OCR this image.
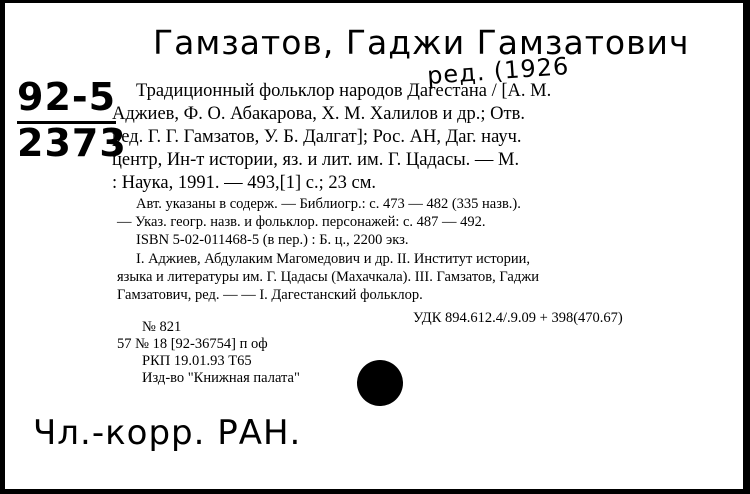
Гамзатов, Гаджи Гамзатович
ред. (1926
92-5
2373
Традиционный фольклор народов Дагестана / [А. М.
Аджиев, Ф. О. Абакарова, Х. М. Халилов и др.; Отв.
ред. Г. Г. Гамзатов, У. Б. Далгат]; Рос. АН, Даг. науч.
центр, Ин-т истории, яз. и лит. им. Г. Цадасы. — М.
: Наука, 1991. — 493,[1] с.; 23 см.
Авт. указаны в содерж. — Библиогр.: с. 473 — 482 (335 назв.).
— Указ. геогр. назв. и фольклор. персонажей: с. 487 — 492.
ISBN 5-02-011468-5 (в пер.) : Б. ц., 2200 экз.
I. Аджиев, Абдулаким Магомедович и др. II. Институт истории,
языка и литературы им. Г. Цадасы (Махачкала). III. Гамзатов, Гаджи
Гамзатович, ред. — — I. Дагестанский фольклор.
№ 821
57 № 18 [92-36754] п оф
РКП 19.01.93 Т65
Изд-во "Книжная палата"
УДК 894.612.4/.9.09 + 398(470.67)
Чл.-корр. РАН.
